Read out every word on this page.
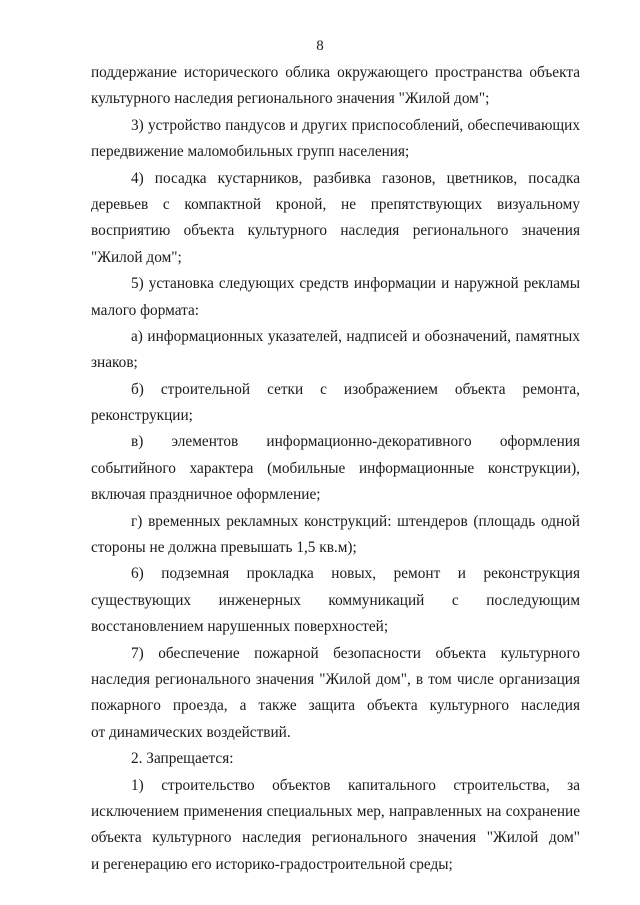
8
поддержание исторического облика окружающего пространства объекта
культурного наследия регионального значения "Жилой дом";
3) устройство пандусов и других приспособлений, обеспечивающих
передвижение маломобильных групп населения;
4) посадка кустарников, разбивка газонов, цветников, посадка
деревьев с компактной кроной, не препятствующих визуальному
восприятию объекта культурного наследия регионального значения
"Жилой дом";
5) установка следующих средств информации и наружной рекламы
малого формата:
а) информационных указателей, надписей и обозначений, памятных
знаков;
б) строительной сетки с изображением объекта ремонта,
реконструкции;
в) элементов информационно-декоративного оформления
событийного характера (мобильные информационные конструкции),
включая праздничное оформление;
г) временных рекламных конструкций: штендеров (площадь одной
стороны не должна превышать 1,5 кв.м);
6) подземная прокладка новых, ремонт и реконструкция
существующих инженерных коммуникаций с последующим
восстановлением нарушенных поверхностей;
7) обеспечение пожарной безопасности объекта культурного
наследия регионального значения "Жилой дом", в том числе организация
пожарного проезда, а также защита объекта культурного наследия
от динамических воздействий.
2. Запрещается:
1) строительство объектов капитального строительства, за
исключением применения специальных мер, направленных на сохранение
объекта культурного наследия регионального значения "Жилой дом"
и регенерацию его историко-градостроительной среды;
